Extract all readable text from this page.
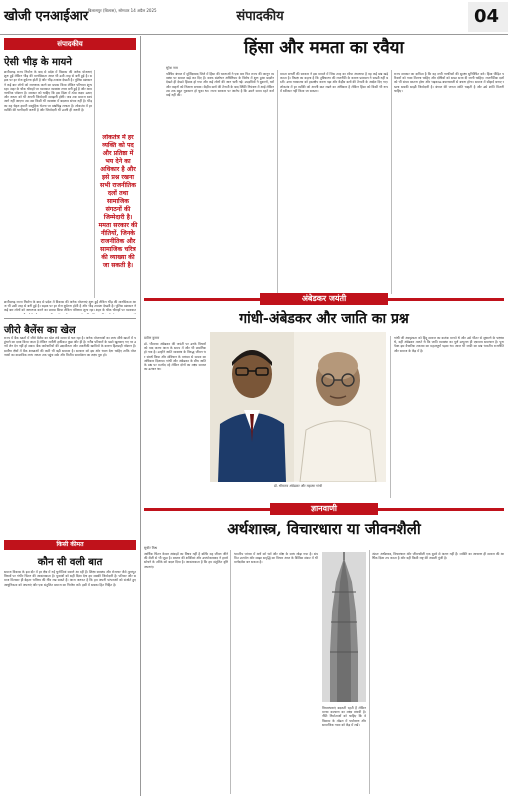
खोजी एनआईआर बिलासपुर (बिलास), सोमवार 14 अप्रैल 2025	संपादकीय	04
संपादकीय
ऐसी भीड़ के मायने
छत्तीसगढ़ राज्य निर्माण के बाद से प्रदेश में विकास की अनेक योजनाएं शुरू हुईं लेकिन भीड़ की मानसिकता आज भी उसी तरह से बनी हुई है। सड़क पर हर रोज दुर्घटना होती है और भीड़ तमाशा देखती है। पुलिस प्रशासन ने कई बार लोगों को जागरूक करने का प्रयास किया लेकिन परिणाम शून्य रहा। शहर के चौक चौराहों पर यातायात व्यवस्था लचर बनी हुई है और आम नागरिक परेशान है। सरकार को चाहिए कि इस दिशा में ठोस कदम उठाए और जनता को भी अपनी जिम्मेदारी समझनी होगी। जब तक समाज स्वयं आगे नहीं आएगा तब तक किसी भी व्यवस्था में बदलाव संभव नहीं है। भीड़ का यह चेहरा हमारी सामूहिक चेतना पर प्रश्नचिह्न लगाता है। लोकतंत्र में हर व्यक्ति की भागीदारी जरूरी है और जिम्मेदारी भी उतनी ही जरूरी है।
छत्तीसगढ़ राज्य निर्माण के बाद से प्रदेश में विकास की अनेक योजनाएं शुरू हुईं लेकिन भीड़ की मानसिकता आज भी उसी तरह से बनी हुई है। सड़क पर हर रोज दुर्घटना होती है और भीड़ तमाशा देखती है। पुलिस प्रशासन ने कई बार लोगों को जागरूक करने का प्रयास किया लेकिन परिणाम शून्य रहा। शहर के चौक चौराहों पर यातायात
लोकतंत्र में हर व्यक्ति को पद और प्रतिष्ठा में भय देने का अधिकार है और इसे प्रश्न रखना सभी राजनीतिक दलों तथा सामाजिक संगठनों की जिम्मेदारी है। ममता सरकार की नीतियों, जिनके राजनीतिक और सामाजिक चरित्र की व्याख्या की जा सकती है।
जीरो बैलेंस का खेल
राज्य में बैंक खातों में जीरो बैलेंस का खेल लंबे समय से चल रहा है। अनेक योजनाओं का लाभ सीधे खातों में पहुंचाने का दावा किया जाता है लेकिन जमीनी हकीकत कुछ और ही है। गरीब परिवारों के खाते खुलवाए गए पर उनमें लेन देन नहीं हो सका। बैंक कर्मचारियों की उदासीनता और तकनीकी खामियों के कारण हितग्राही परेशान हैं। ग्रामीण क्षेत्रों में बैंक शाखाओं की कमी भी बड़ी समस्या है। सरकार को इस ओर ध्यान देना चाहिए ताकि योजनाओं का वास्तविक लाभ जनता तक पहुंच सके और वित्तीय समावेशन का लक्ष्य पूरा हो।
किसी कीमत
कौन सी वली बात
समाज विकास के इस दौर में हर क्षेत्र में नई चुनौतियां सामने आ रही हैं। शिक्षा स्वास्थ्य और रोजगार जैसे मूलभूत विषयों पर गंभीर चिंतन की आवश्यकता है। युवाओं को सही दिशा देना हम सबकी जिम्मेदारी है। परिवार और समाज मिलकर ही बेहतर भविष्य की नींव रख सकते हैं। आज जरूरत है कि हम अपनी परंपराओं को संजोते हुए आधुनिकता को अपनाएं और एक संतुलित समाज का निर्माण करें। इसी में सबका हित निहित है।
हिंसा और ममता का रवैया
सुरेश नाम
पश्चिम बंगाल में मुर्शिदाबाद जिले में हिंसा की घटनाओं ने एक बार फिर राज्य की कानून व्यवस्था पर सवाल खड़े कर दिए हैं। वक्फ संशोधन अधिनियम के विरोध में शुरू हुआ प्रदर्शन देखते ही देखते हिंसक हो गया और कई लोगों की जान चली गई। उपद्रवियों ने दुकानों, घरों और वाहनों को निशाना बनाया। केंद्रीय बलों की तैनाती के बाद स्थिति नियंत्रण में आई लेकिन तब तक बहुत नुकसान हो चुका था। राज्य सरकार पर आरोप है कि उसने समय रहते कार्रवाई नहीं की।
ममता बनर्जी की सरकार ने इस मामले में जिस तरह का रवैया अपनाया है वह कई प्रश्न खड़े करता है। विपक्ष का कहना है कि तुष्टिकरण की राजनीति के कारण प्रशासन ने सख्ती नहीं बरती। उच्च न्यायालय को हस्तक्षेप करना पड़ा और केंद्रीय बलों की तैनाती के आदेश दिए गए। लोकतंत्र में हर व्यक्ति को अपनी बात रखने का अधिकार है लेकिन हिंसा को किसी भी रूप में स्वीकार नहीं किया जा सकता।
राज्य सरकार का दायित्व है कि वह सभी नागरिकों की सुरक्षा सुनिश्चित करे। हिंसा पीड़ित परिवारों को न्याय मिलना चाहिए और दोषियों को सख्त सजा दी जानी चाहिए। राजनीतिक दलों को भी संयम बरतना होगा और भड़काऊ बयानबाजी से बचना होगा। समाज में सौहार्द बनाए रखना सबकी साझी जिम्मेदारी है। बंगाल की जनता शांति चाहती है और उसे शांति मिलनी चाहिए।
अंबेडकर जयंती
गांधी-अंबेडकर और जाति का प्रश्न
प्रवीण कुमार
डॉ. भीमराव अंबेडकर की जयंती पर उनके विचारों को याद करना आज के समय में और भी प्रासंगिक हो गया है। उन्होंने जाति व्यवस्था के विरुद्ध जीवन भर संघर्ष किया और संविधान के माध्यम से समता का अधिकार दिलाया। गांधी और अंबेडकर के बीच जाति के प्रश्न पर मतभेद रहे लेकिन दोनों का लक्ष्य समाज का उत्थान था।
डॉ. भीमराव अंबेडकर और महात्मा गांधी
गांधी जी अस्पृश्यता को हिंदू समाज का कलंक मानते थे और उसे भीतर से सुधारने के पक्षधर थे, वहीं अंबेडकर मानते थे कि जाति व्यवस्था का पूर्ण उन्मूलन ही एकमात्र समाधान है। पूना पैक्ट इस वैचारिक टकराव का महत्वपूर्ण पड़ाव था। आज भी जाति का प्रश्न भारतीय राजनीति और समाज के केंद्र में है।
ज्ञानवाणी
अर्थशास्त्र, विचारधारा या जीवनशैली
सुधीर मिश्र
आर्थिक चिंतन केवल आंकड़ों का विषय नहीं है बल्कि यह जीवन जीने की शैली से भी जुड़ा है। बाजार की शक्तियां और उपभोक्तावाद ने हमारे सोचने के तरीके को बदल दिया है। आवश्यकता है कि हम संतुलित दृष्टि अपनाएं।
भारतीय परंपरा में अर्थ को धर्म और मोक्ष के साथ जोड़ा गया है। संयमित उपभोग और साझा समृद्धि का विचार आज के वैश्विक संकट में भी मार्गदर्शक बन सकता है।
विचारधाराएं बदलती रहती हैं लेकिन मानव कल्याण का लक्ष्य स्थायी है। नीति निर्माताओं को चाहिए कि वे विकास के मॉडल में पर्यावरण और सामाजिक न्याय को केंद्र में रखें।
अंततः अर्थशास्त्र, विचारधारा और जीवनशैली एक दूसरे से अलग नहीं हैं। व्यक्ति का आचरण ही समाज की आर्थिक दिशा तय करता है और यही किसी राष्ट्र की असली पूंजी है।
